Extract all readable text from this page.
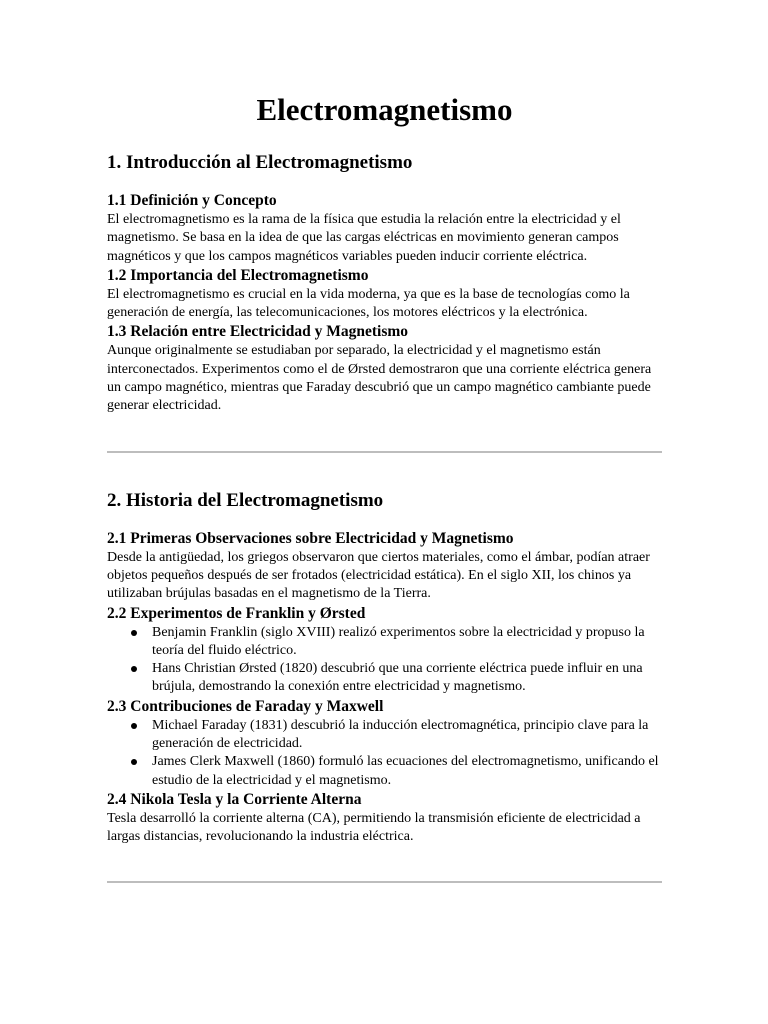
Electromagnetismo
1. Introducción al Electromagnetismo
1.1 Definición y Concepto

El electromagnetismo es la rama de la física que estudia la relación entre la electricidad y el magnetismo. Se basa en la idea de que las cargas eléctricas en movimiento generan campos magnéticos y que los campos magnéticos variables pueden inducir corriente eléctrica.

1.2 Importancia del Electromagnetismo

El electromagnetismo es crucial en la vida moderna, ya que es la base de tecnologías como la generación de energía, las telecomunicaciones, los motores eléctricos y la electrónica.

1.3 Relación entre Electricidad y Magnetismo

Aunque originalmente se estudiaban por separado, la electricidad y el magnetismo están interconectados. Experimentos como el de Ørsted demostraron que una corriente eléctrica genera un campo magnético, mientras que Faraday descubrió que un campo magnético cambiante puede generar electricidad.

2. Historia del Electromagnetismo
2.1 Primeras Observaciones sobre Electricidad y Magnetismo

Desde la antigüedad, los griegos observaron que ciertos materiales, como el ámbar, podían atraer objetos pequeños después de ser frotados (electricidad estática). En el siglo XII, los chinos ya utilizaban brújulas basadas en el magnetismo de la Tierra.

2.2 Experimentos de Franklin y Ørsted
Benjamin Franklin (siglo XVIII) realizó experimentos sobre la electricidad y propuso la teoría del fluido eléctrico.
Hans Christian Ørsted (1820) descubrió que una corriente eléctrica puede influir en una brújula, demostrando la conexión entre electricidad y magnetismo.
2.3 Contribuciones de Faraday y Maxwell
Michael Faraday (1831) descubrió la inducción electromagnética, principio clave para la generación de electricidad.
James Clerk Maxwell (1860) formuló las ecuaciones del electromagnetismo, unificando el estudio de la electricidad y el magnetismo.
2.4 Nikola Tesla y la Corriente Alterna

Tesla desarrolló la corriente alterna (CA), permitiendo la transmisión eficiente de electricidad a largas distancias, revolucionando la industria eléctrica.
